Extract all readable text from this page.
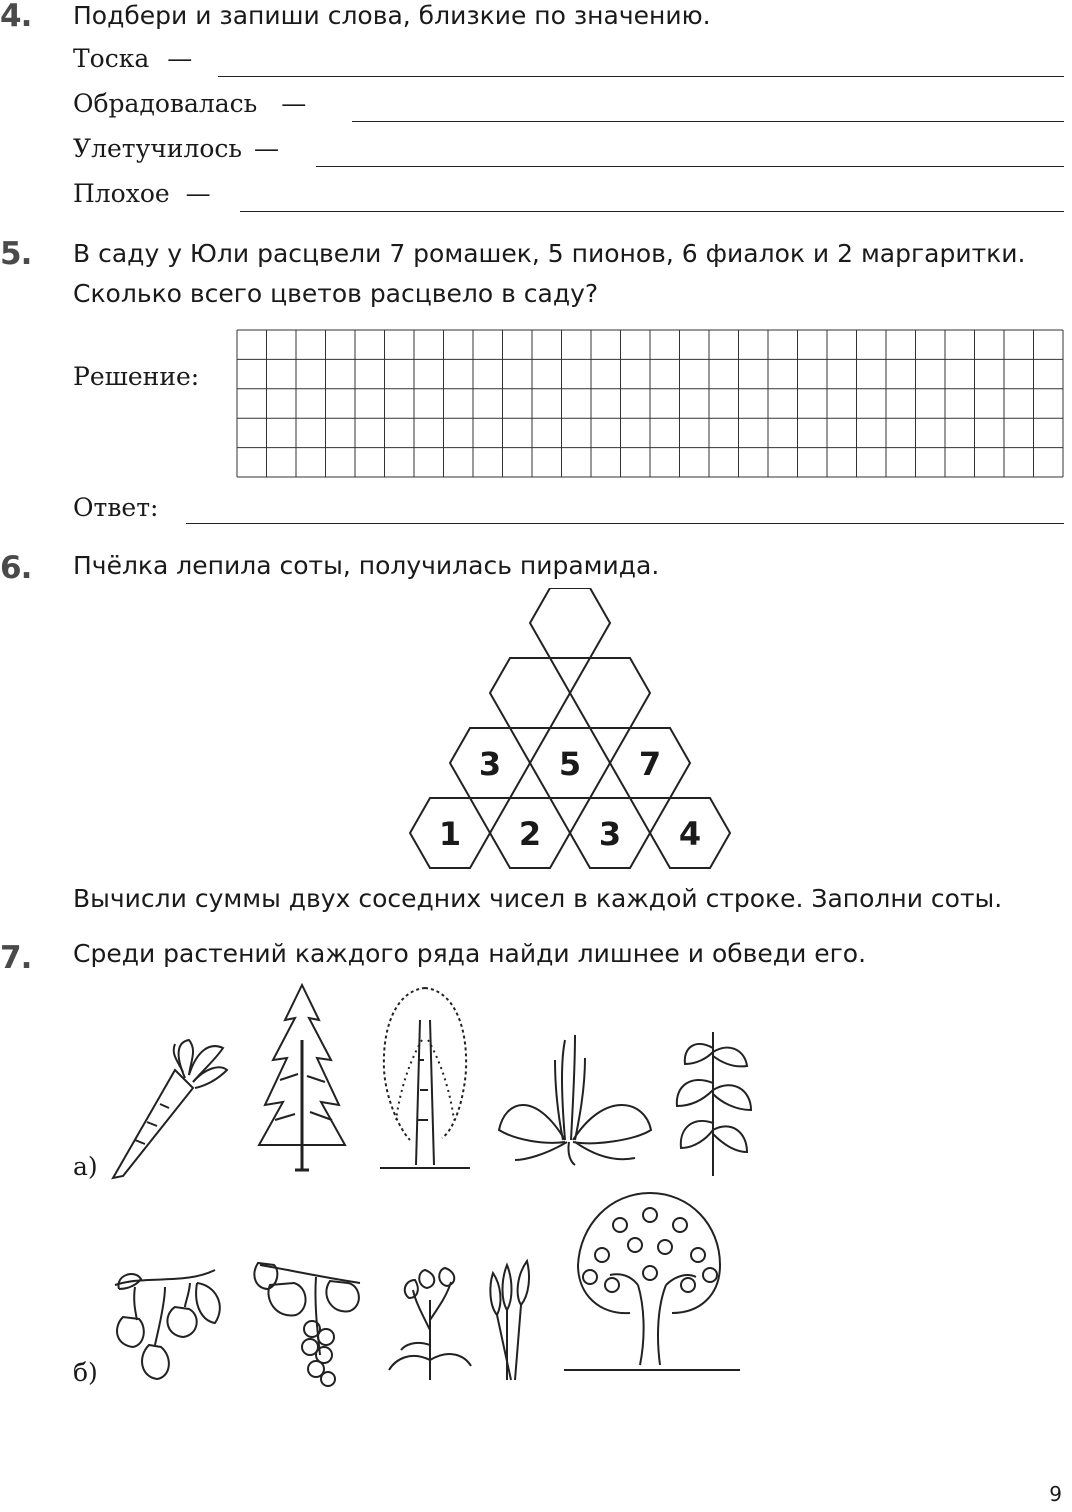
4. Подбери и запиши слова, близкие по значению.
Тоска —
Обрадовалась —
Улетучилось —
Плохое —
5. В саду у Юли расцвели 7 ромашек, 5 пионов, 6 фиалок и 2 маргаритки.
Сколько всего цветов расцвело в саду?
Решение:
Ответ:
6. Пчёлка лепила соты, получилась пирамида.
3 5 7
1 2 3 4
Вычисли суммы двух соседних чисел в каждой строке. Заполни соты.
7. Среди растений каждого ряда найди лишнее и обведи его.
а)
б)
9
